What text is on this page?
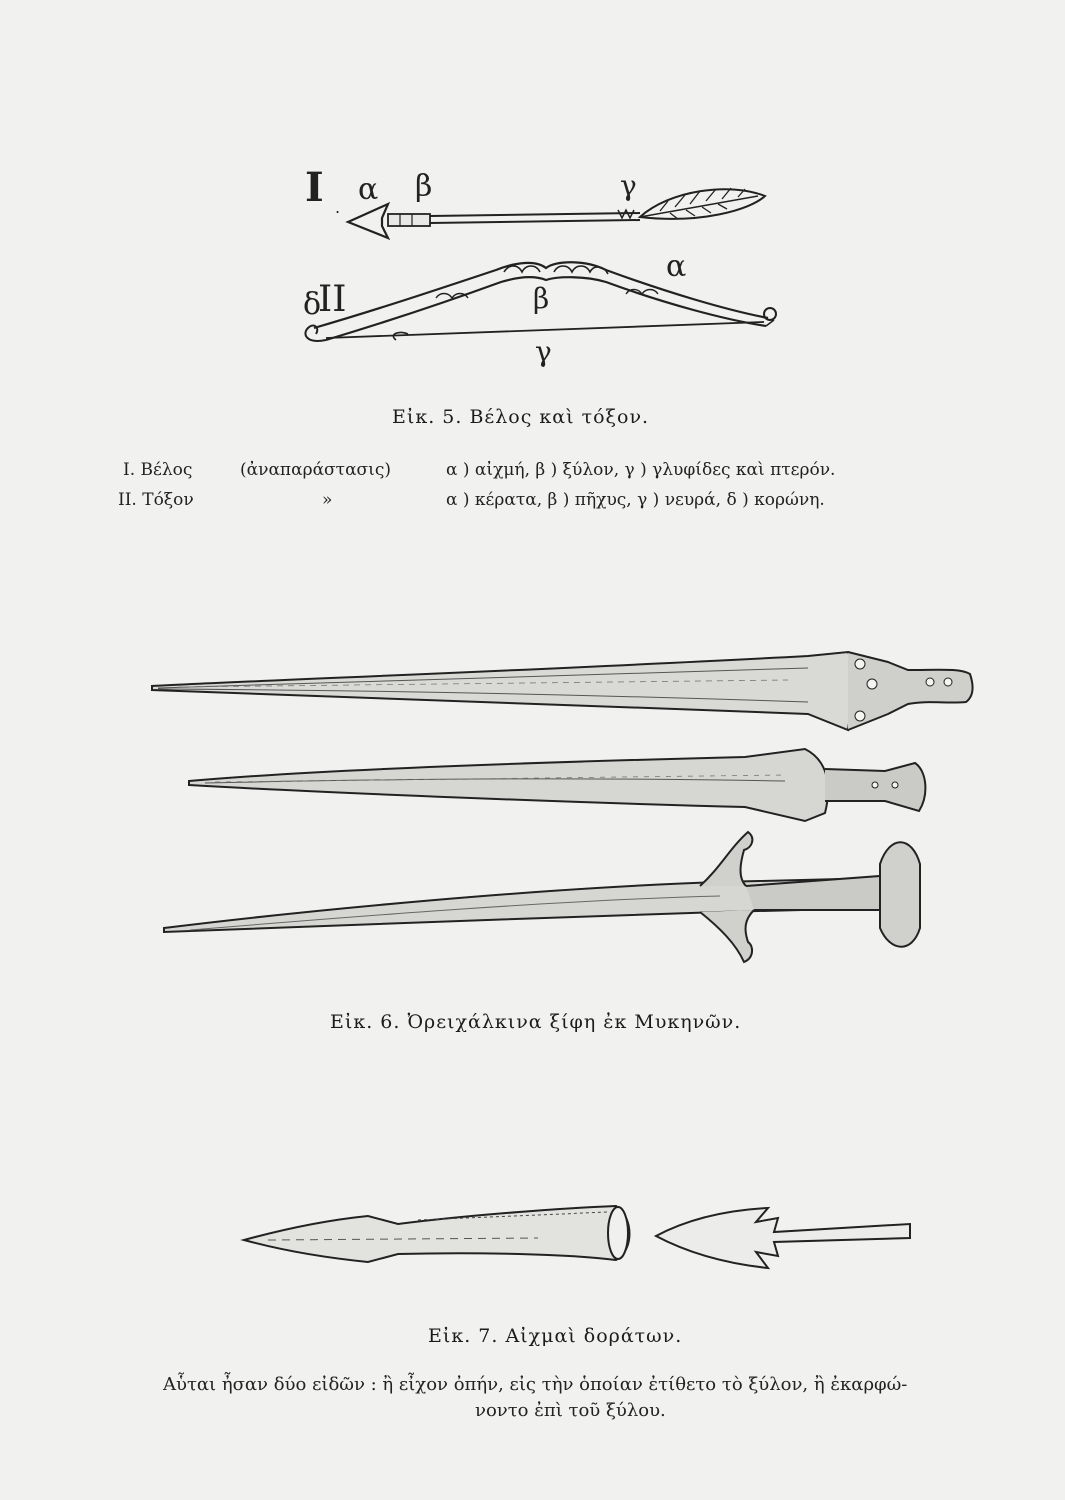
I .
α β	γ
δ
II
α
β
γ
Εἰκ. 5. Βέλος καὶ τόξον.
I. Βέλος	(ἀναπαράστασις)	α ) αἰχμή, β ) ξύλον, γ ) γλυφίδες καὶ πτερόν.
II. Τόξον	»	α ) κέρατα, β ) πῆχυς, γ ) νευρά, δ ) κορώνη.
Εἰκ. 6. Ὀρειχάλκινα ξίφη ἐκ Μυκηνῶν.
Εἰκ. 7. Αἰχμαὶ δοράτων.
Αὗται ἦσαν δύο εἰδῶν : ἢ εἶχον ὀπήν, εἰς τὴν ὁποίαν ἐτίθετο τὸ ξύλον, ἢ ἐκαρφώ-
νοντο ἐπὶ τοῦ ξύλου.
